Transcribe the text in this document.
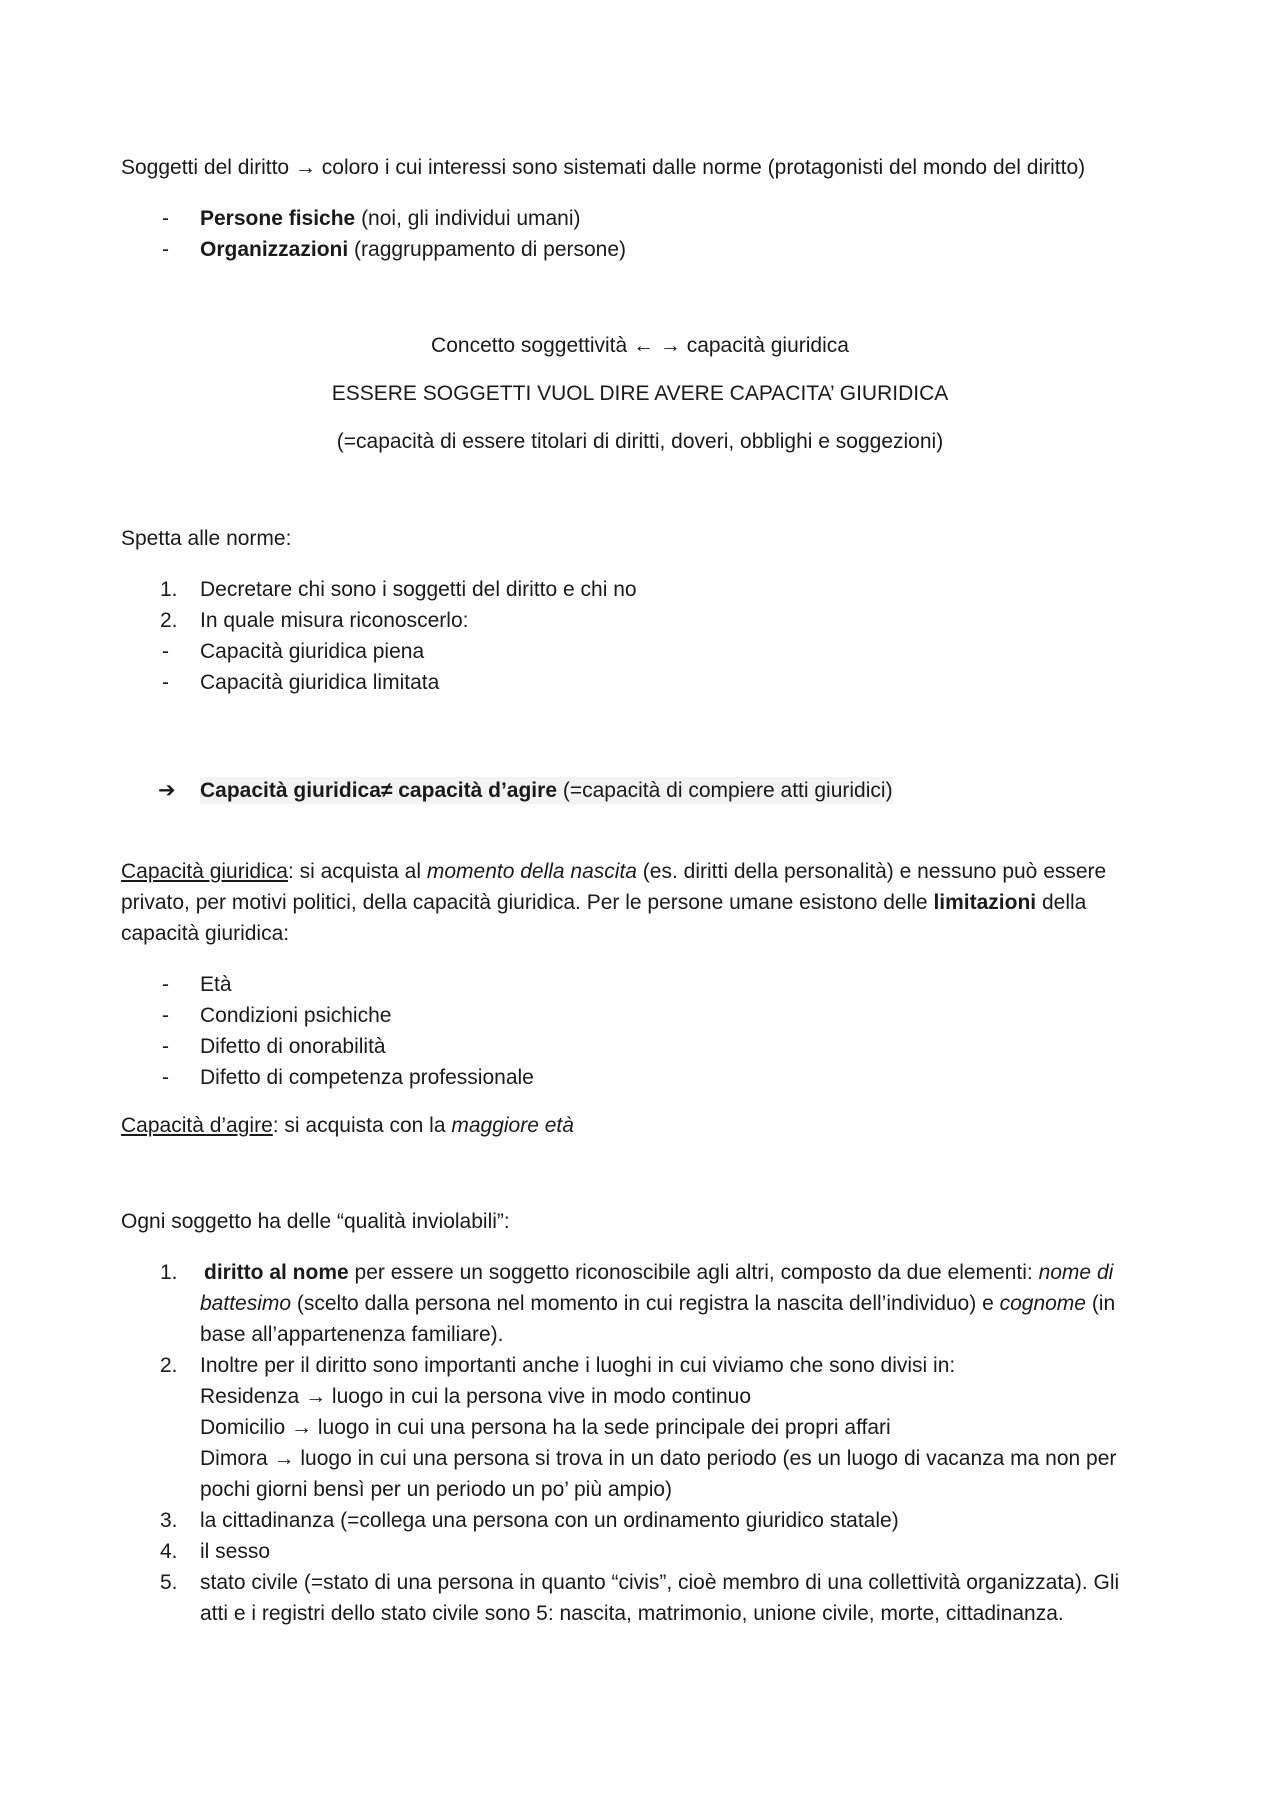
Soggetti del diritto → coloro i cui interessi sono sistemati dalle norme (protagonisti del mondo del diritto)
-	Persone fisiche (noi, gli individui umani)
-	Organizzazioni (raggruppamento di persone)
Concetto soggettività ← → capacità giuridica
ESSERE SOGGETTI VUOL DIRE AVERE CAPACITA’ GIURIDICA
(=capacità di essere titolari di diritti, doveri, obblighi e soggezioni)
Spetta alle norme:
1.	Decretare chi sono i soggetti del diritto e chi no
2.	In quale misura riconoscerlo:
-	Capacità giuridica piena
-	Capacità giuridica limitata
➔	Capacità giuridica≠ capacità d’agire (=capacità di compiere atti giuridici)
Capacità giuridica: si acquista al momento della nascita (es. diritti della personalità) e nessuno può essere
privato, per motivi politici, della capacità giuridica. Per le persone umane esistono delle limitazioni della
capacità giuridica:
-	Età
-	Condizioni psichiche
-	Difetto di onorabilità
-	Difetto di competenza professionale
Capacità d’agire: si acquista con la maggiore età
Ogni soggetto ha delle “qualità inviolabili”:
1.	diritto al nome per essere un soggetto riconoscibile agli altri, composto da due elementi: nome di
battesimo (scelto dalla persona nel momento in cui registra la nascita dell’individuo) e cognome (in
base all’appartenenza familiare).
2.	Inoltre per il diritto sono importanti anche i luoghi in cui viviamo che sono divisi in:
Residenza → luogo in cui la persona vive in modo continuo
Domicilio → luogo in cui una persona ha la sede principale dei propri affari
Dimora → luogo in cui una persona si trova in un dato periodo (es un luogo di vacanza ma non per
pochi giorni bensì per un periodo un po’ più ampio)
3.	la cittadinanza (=collega una persona con un ordinamento giuridico statale)
4.	il sesso
5.	stato civile (=stato di una persona in quanto “civis”, cioè membro di una collettività organizzata). Gli
atti e i registri dello stato civile sono 5: nascita, matrimonio, unione civile, morte, cittadinanza.
